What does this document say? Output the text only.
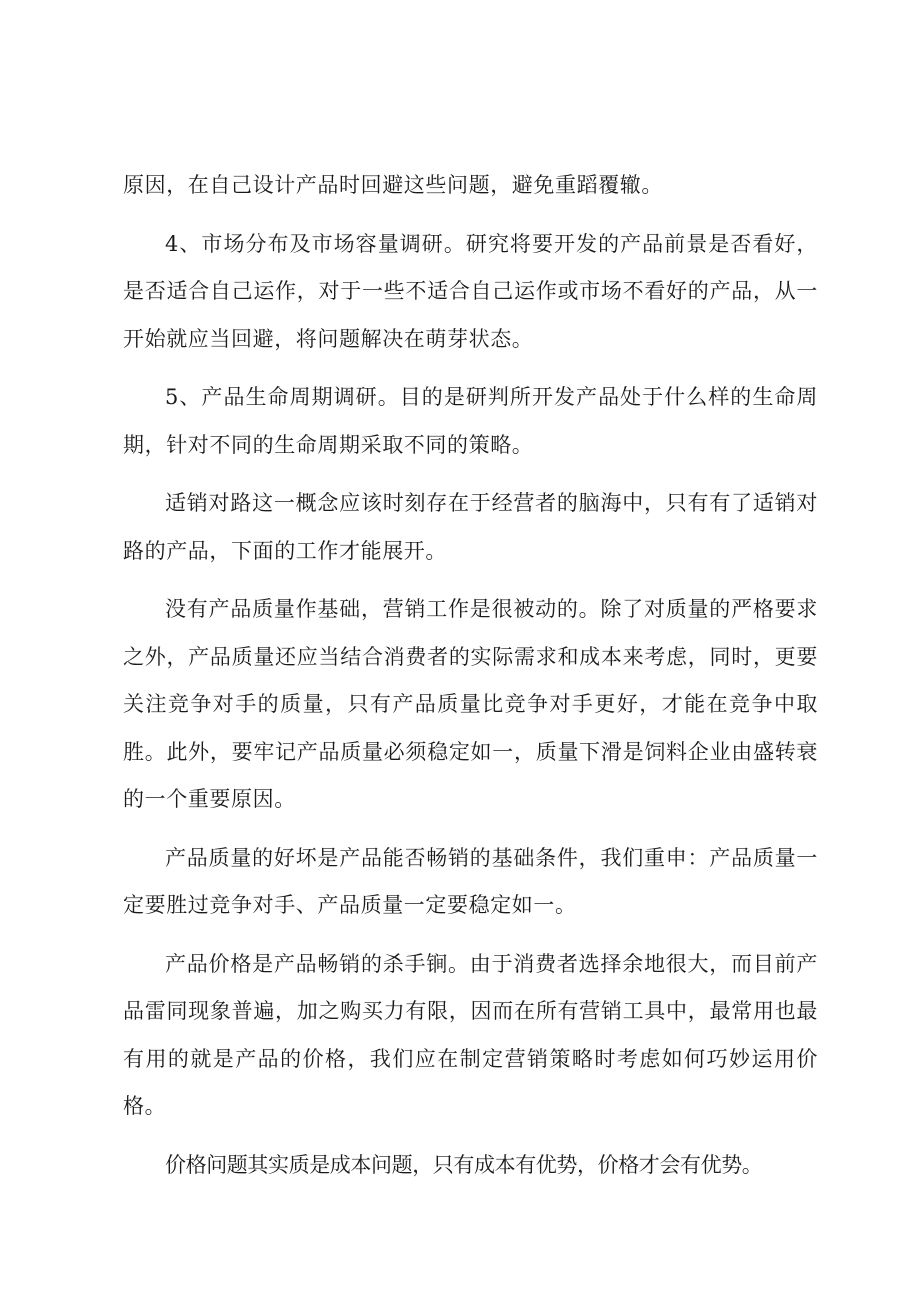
原因，在自己设计产品时回避这些问题，避免重蹈覆辙。

4、市场分布及市场容量调研。研究将要开发的产品前景是否看好，是否适合自己运作，对于一些不适合自己运作或市场不看好的产品，从一开始就应当回避，将问题解决在萌芽状态。

5、产品生命周期调研。目的是研判所开发产品处于什么样的生命周期，针对不同的生命周期采取不同的策略。

适销对路这一概念应该时刻存在于经营者的脑海中，只有有了适销对路的产品，下面的工作才能展开。

没有产品质量作基础，营销工作是很被动的。除了对质量的严格要求之外，产品质量还应当结合消费者的实际需求和成本来考虑，同时，更要关注竞争对手的质量，只有产品质量比竞争对手更好，才能在竞争中取胜。此外，要牢记产品质量必须稳定如一，质量下滑是饲料企业由盛转衰的一个重要原因。

产品质量的好坏是产品能否畅销的基础条件，我们重申：产品质量一定要胜过竞争对手、产品质量一定要稳定如一。

产品价格是产品畅销的杀手锏。由于消费者选择余地很大，而目前产品雷同现象普遍，加之购买力有限，因而在所有营销工具中，最常用也最有用的就是产品的价格，我们应在制定营销策略时考虑如何巧妙运用价格。

价格问题其实质是成本问题，只有成本有优势，价格才会有优势。
